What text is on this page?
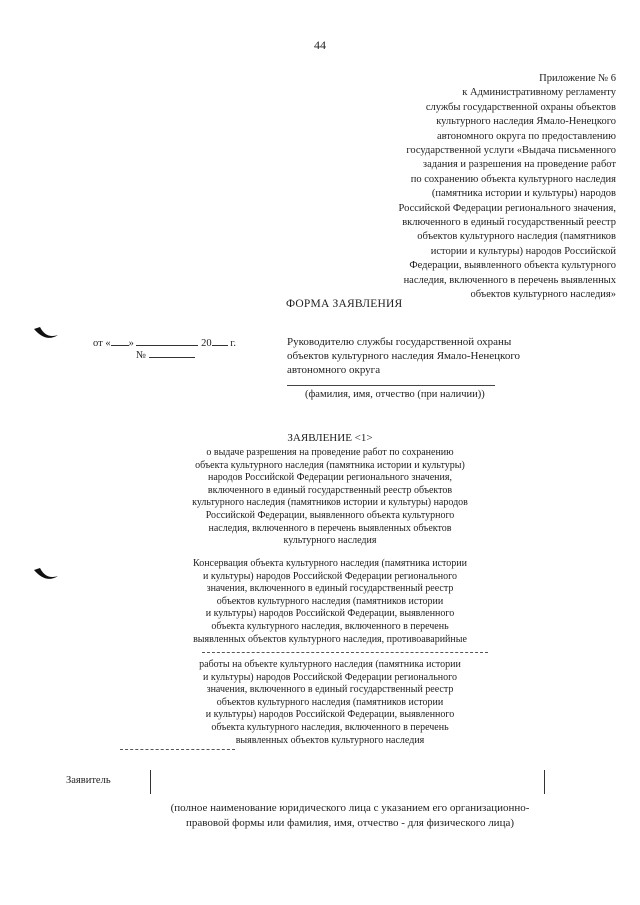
44
Приложение № 6
к Административному регламенту
службы государственной охраны объектов
культурного наследия Ямало-Ненецкого
автономного округа по предоставлению
государственной услуги «Выдача письменного
задания и разрешения на проведение работ
по сохранению объекта культурного наследия
(памятника истории и культуры) народов
Российской Федерации регионального значения,
включенного в единый государственный реестр
объектов культурного наследия (памятников
истории и культуры) народов Российской
Федерации, выявленного объекта культурного
наследия, включенного в перечень выявленных
объектов культурного наследия»
ФОРМА ЗАЯВЛЕНИЯ
от « »	20 г.
№
Руководителю службы государственной охраны
объектов культурного наследия Ямало-Ненецкого
автономного округа
(фамилия, имя, отчество (при наличии))
ЗАЯВЛЕНИЕ <1>
о выдаче разрешения на проведение работ по сохранению
объекта культурного наследия (памятника истории и культуры)
народов Российской Федерации регионального значения,
включенного в единый государственный реестр объектов
культурного наследия (памятников истории и культуры) народов
Российской Федерации, выявленного объекта культурного
наследия, включенного в перечень выявленных объектов
культурного наследия
Консервация объекта культурного наследия (памятника истории
и культуры) народов Российской Федерации регионального
значения, включенного в единый государственный реестр
объектов культурного наследия (памятников истории
и культуры) народов Российской Федерации, выявленного
объекта культурного наследия, включенного в перечень
выявленных объектов культурного наследия, противоаварийные
работы на объекте культурного наследия (памятника истории
и культуры) народов Российской Федерации регионального
значения, включенного в единый государственный реестр
объектов культурного наследия (памятников истории
и культуры) народов Российской Федерации, выявленного
объекта культурного наследия, включенного в перечень
выявленных объектов культурного наследия
Заявитель
(полное наименование юридического лица с указанием его организационно-
правовой формы или фамилия, имя, отчество - для физического лица)
